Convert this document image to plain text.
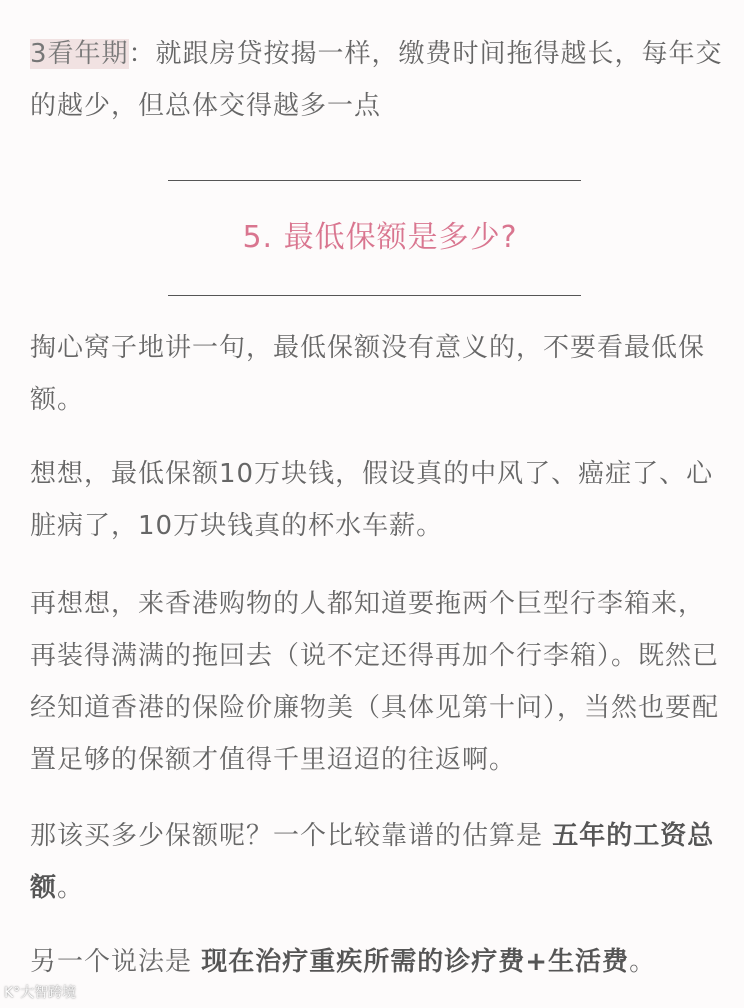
3看年期：就跟房贷按揭一样，缴费时间拖得越长，每年交的越少，但总体交得越多一点

5. 最低保额是多少?

掏心窝子地讲一句，最低保额没有意义的，不要看最低保额。

想想，最低保额10万块钱，假设真的中风了、癌症了、心脏病了，10万块钱真的杯水车薪。

再想想，来香港购物的人都知道要拖两个巨型行李箱来，再装得满满的拖回去（说不定还得再加个行李箱）。既然已经知道香港的保险价廉物美（具体见第十问），当然也要配置足够的保额才值得千里迢迢的往返啊。

那该买多少保额呢？一个比较靠谱的估算是 五年的工资总额。

另一个说法是 现在治疗重疾所需的诊疗费+生活费。

K°大智跨境
